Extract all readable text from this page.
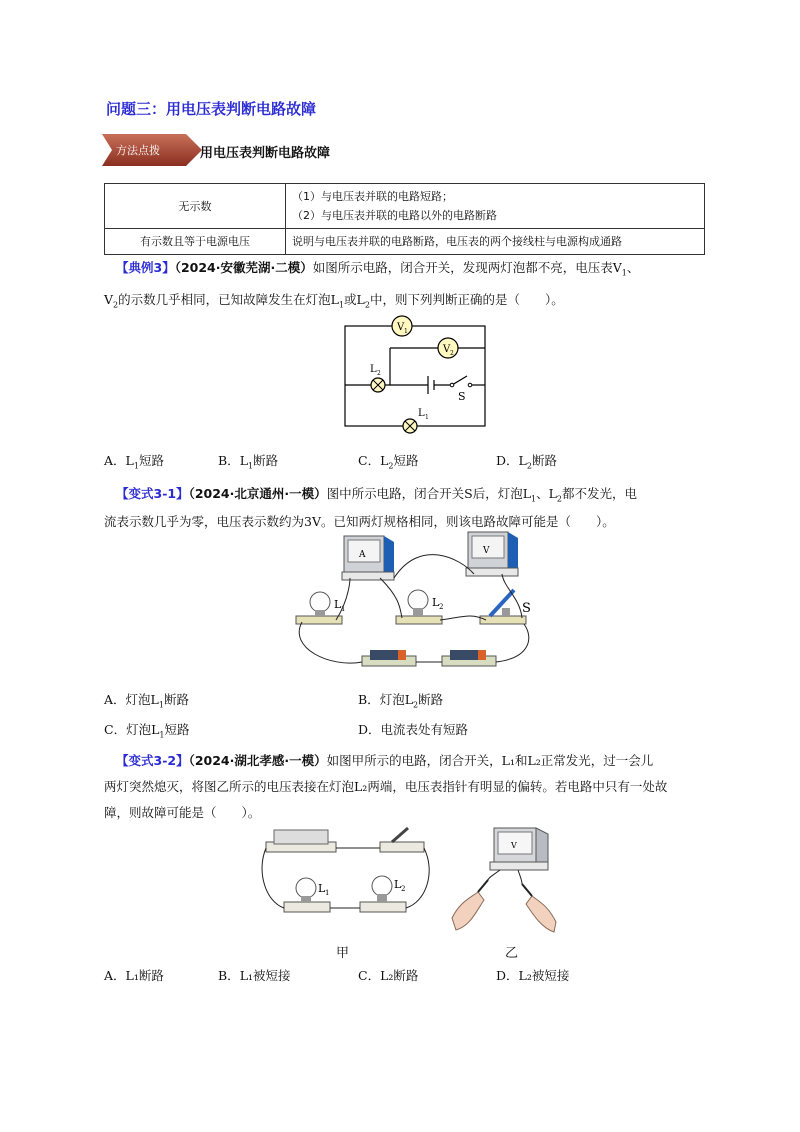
问题三：用电压表判断电路故障
方法点拨	用电压表判断电路故障
无示数	（1）与电压表并联的电路短路；
（2）与电压表并联的电路以外的电路断路

有示数且等于电源电压	说明与电压表并联的电路断路，电压表的两个接线柱与电源构成通路
【典例3】（2024·安徽芜湖·二模）如图所示电路，闭合开关，发现两灯泡都不亮，电压表$V_1$、
$V_2$的示数几乎相同，已知故障发生在灯泡$L_1$或$L_2$中，则下列判断正确的是（　　）。
V 1
V 2
L 2
L 1
S
A．$L_1$短路	B．$L_1$断路	C．$L_2$短路	D．$L_2$断路
【变式3-1】（2024·北京通州·一模）图中所示电路，闭合开关S后，灯泡$L_1$、$L_2$都不发光，电
流表示数几乎为零，电压表示数约为3V。已知两灯规格相同，则该电路故障可能是（　　）。
A	V
L 1	L 2	S
A．灯泡$L_1$断路	B．灯泡$L_2$断路
C．灯泡$L_1$短路	D．电流表处有短路
【变式3-2】（2024·湖北孝感·一模）如图甲所示的电路，闭合开关，L₁和L₂正常发光，过一会儿
两灯突然熄灭，将图乙所示的电压表接在灯泡L₂两端，电压表指针有明显的偏转。若电路中只有一处故
障，则故障可能是（　　）。
L 1
L 2
V
甲	乙
A．L₁断路	B．L₁被短接	C．L₂断路	D．L₂被短接
